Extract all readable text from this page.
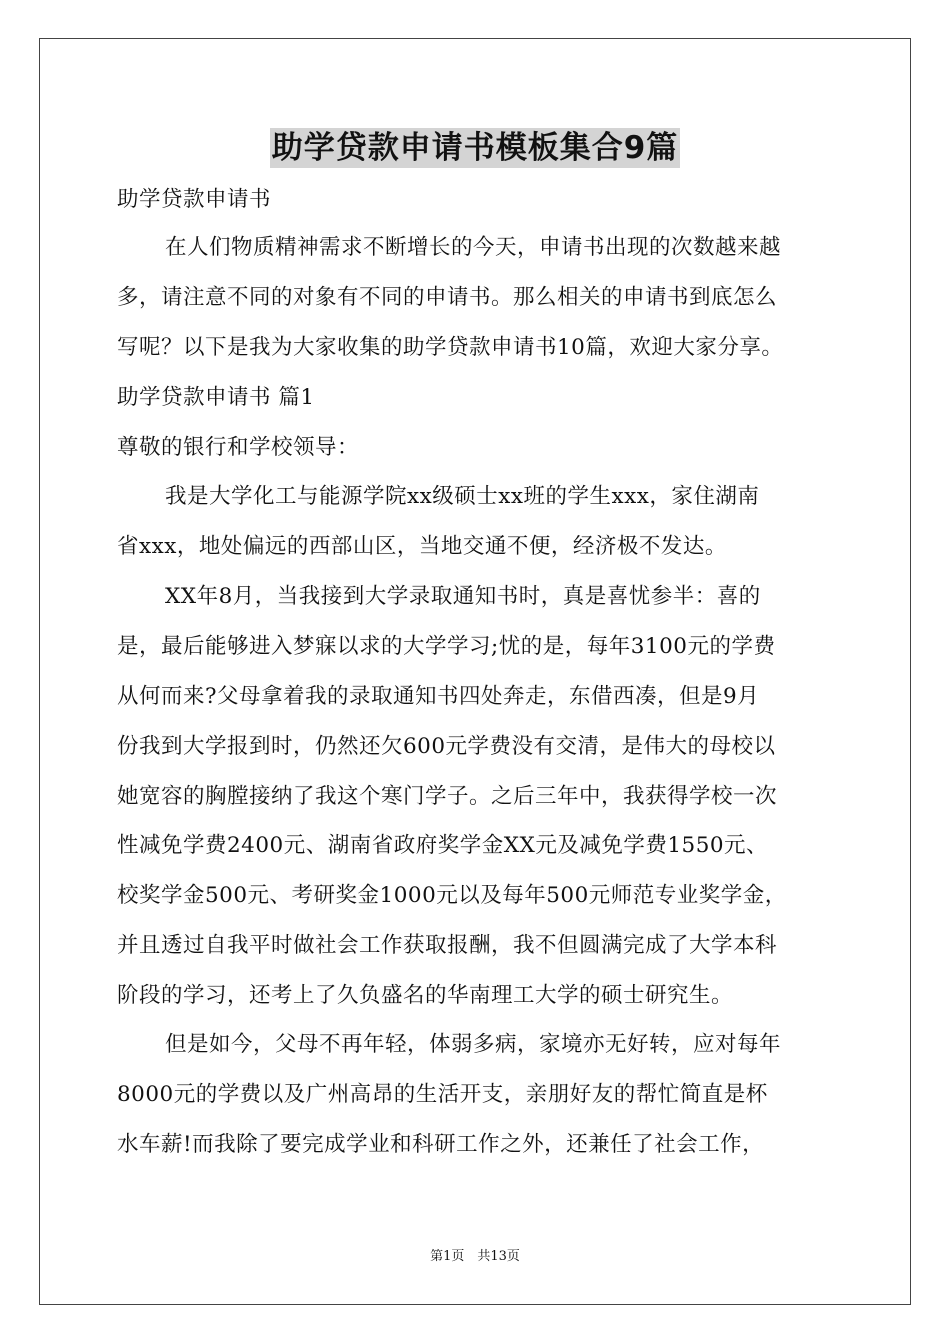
助学贷款申请书模板集合9篇
助学贷款申请书
在人们物质精神需求不断增长的今天，申请书出现的次数越来越
多，请注意不同的对象有不同的申请书。那么相关的申请书到底怎么
写呢？以下是我为大家收集的助学贷款申请书10篇，欢迎大家分享。
助学贷款申请书 篇1
尊敬的银行和学校领导：
我是大学化工与能源学院xx级硕士xx班的学生xxx，家住湖南
省xxx，地处偏远的西部山区，当地交通不便，经济极不发达。
XX年8月，当我接到大学录取通知书时，真是喜忧参半：喜的
是，最后能够进入梦寐以求的大学学习;忧的是，每年3100元的学费
从何而来?父母拿着我的录取通知书四处奔走，东借西凑，但是9月
份我到大学报到时，仍然还欠600元学费没有交清，是伟大的母校以
她宽容的胸膛接纳了我这个寒门学子。之后三年中，我获得学校一次
性减免学费2400元、湖南省政府奖学金XX元及减免学费1550元、
校奖学金500元、考研奖金1000元以及每年500元师范专业奖学金，
并且透过自我平时做社会工作获取报酬，我不但圆满完成了大学本科
阶段的学习，还考上了久负盛名的华南理工大学的硕士研究生。
但是如今，父母不再年轻，体弱多病，家境亦无好转，应对每年
8000元的学费以及广州高昂的生活开支，亲朋好友的帮忙简直是杯
水车薪!而我除了要完成学业和科研工作之外，还兼任了社会工作，
第1页　共13页
